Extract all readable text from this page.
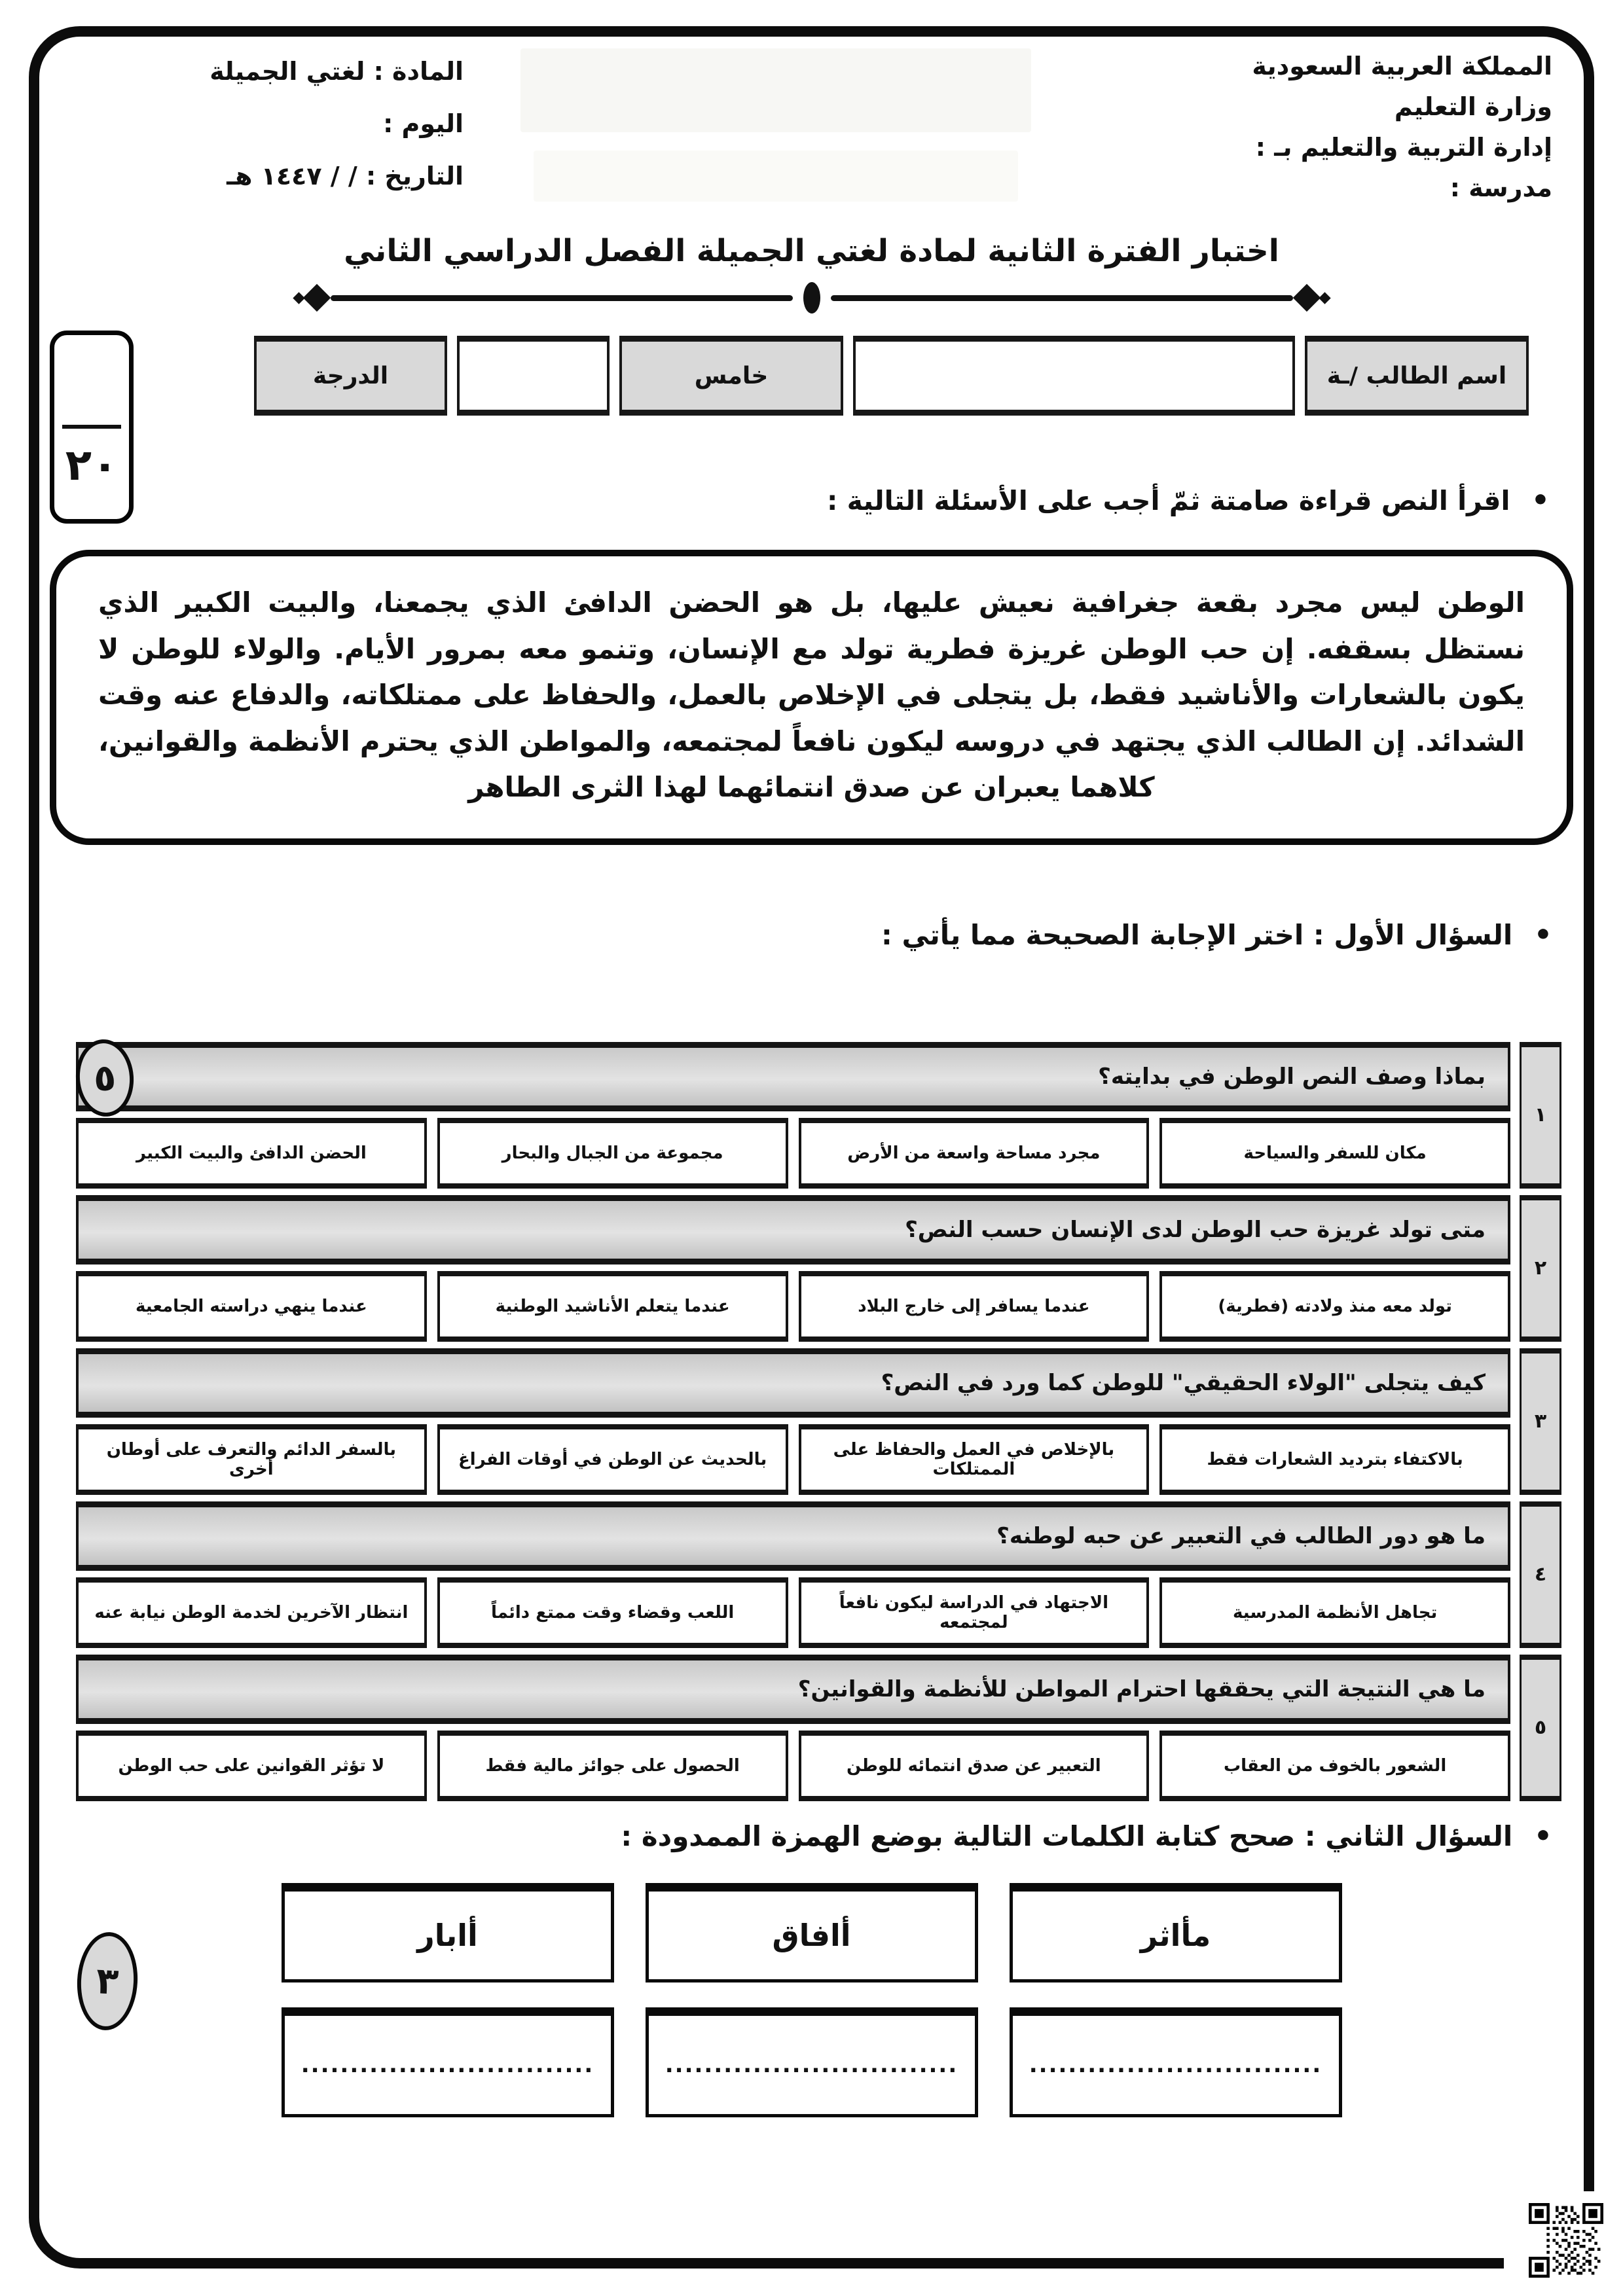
المملكة العربية السعودية
وزارة التعليم
إدارة التربية والتعليم بـ :
مدرسة :
المادة : لغتي الجميلة
اليوم :
التاريخ : / / ١٤٤٧ هـ
اختبار الفترة الثانية لمادة لغتي الجميلة الفصل الدراسي الثاني
اسم الطالب /ـة
خامس
الدرجة
• اقرأ النص قراءة صامتة ثمّ أجب على الأسئلة التالية :
الوطن ليس مجرد بقعة جغرافية نعيش عليها، بل هو الحضن الدافئ الذي يجمعنا، والبيت الكبير الذي نستظل بسقفه. إن حب الوطن غريزة فطرية تولد مع الإنسان، وتنمو معه بمرور الأيام. والولاء للوطن لا يكون بالشعارات والأناشيد فقط، بل يتجلى في الإخلاص بالعمل، والحفاظ على ممتلكاته، والدفاع عنه وقت الشدائد. إن الطالب الذي يجتهد في دروسه ليكون نافعاً لمجتمعه، والمواطن الذي يحترم الأنظمة والقوانين، كلاهما يعبران عن صدق انتمائهما لهذا الثرى الطاهر
• السؤال الأول : اختر الإجابة الصحيحة مما يأتي :
١
بماذا وصف النص الوطن في بدايته؟
مكان للسفر والسياحة
مجرد مساحة واسعة من الأرض
مجموعة من الجبال والبحار
الحضن الدافئ والبيت الكبير
٢
متى تولد غريزة حب الوطن لدى الإنسان حسب النص؟
تولد معه منذ ولادته (فطرية)
عندما يسافر إلى خارج البلاد
عندما يتعلم الأناشيد الوطنية
عندما ينهي دراسته الجامعية
٣
كيف يتجلى "الولاء الحقيقي" للوطن كما ورد في النص؟
بالاكتفاء بترديد الشعارات فقط
بالإخلاص في العمل والحفاظ على الممتلكات
بالحديث عن الوطن في أوقات الفراغ
بالسفر الدائم والتعرف على أوطان أخرى
٤
ما هو دور الطالب في التعبير عن حبه لوطنه؟
تجاهل الأنظمة المدرسية
الاجتهاد في الدراسة ليكون نافعاً لمجتمعه
اللعب وقضاء وقت ممتع دائماً
انتظار الآخرين لخدمة الوطن نيابة عنه
٥
ما هي النتيجة التي يحققها احترام المواطن للأنظمة والقوانين؟
الشعور بالخوف من العقاب
التعبير عن صدق انتمائه للوطن
الحصول على جوائز مالية فقط
لا تؤثر القوانين على حب الوطن
• السؤال الثاني : صحح كتابة الكلمات التالية بوضع الهمزة الممدودة :
مأاثر
أافاق
أابار
..............................
..............................
..............................
٢٠
٥
٣
